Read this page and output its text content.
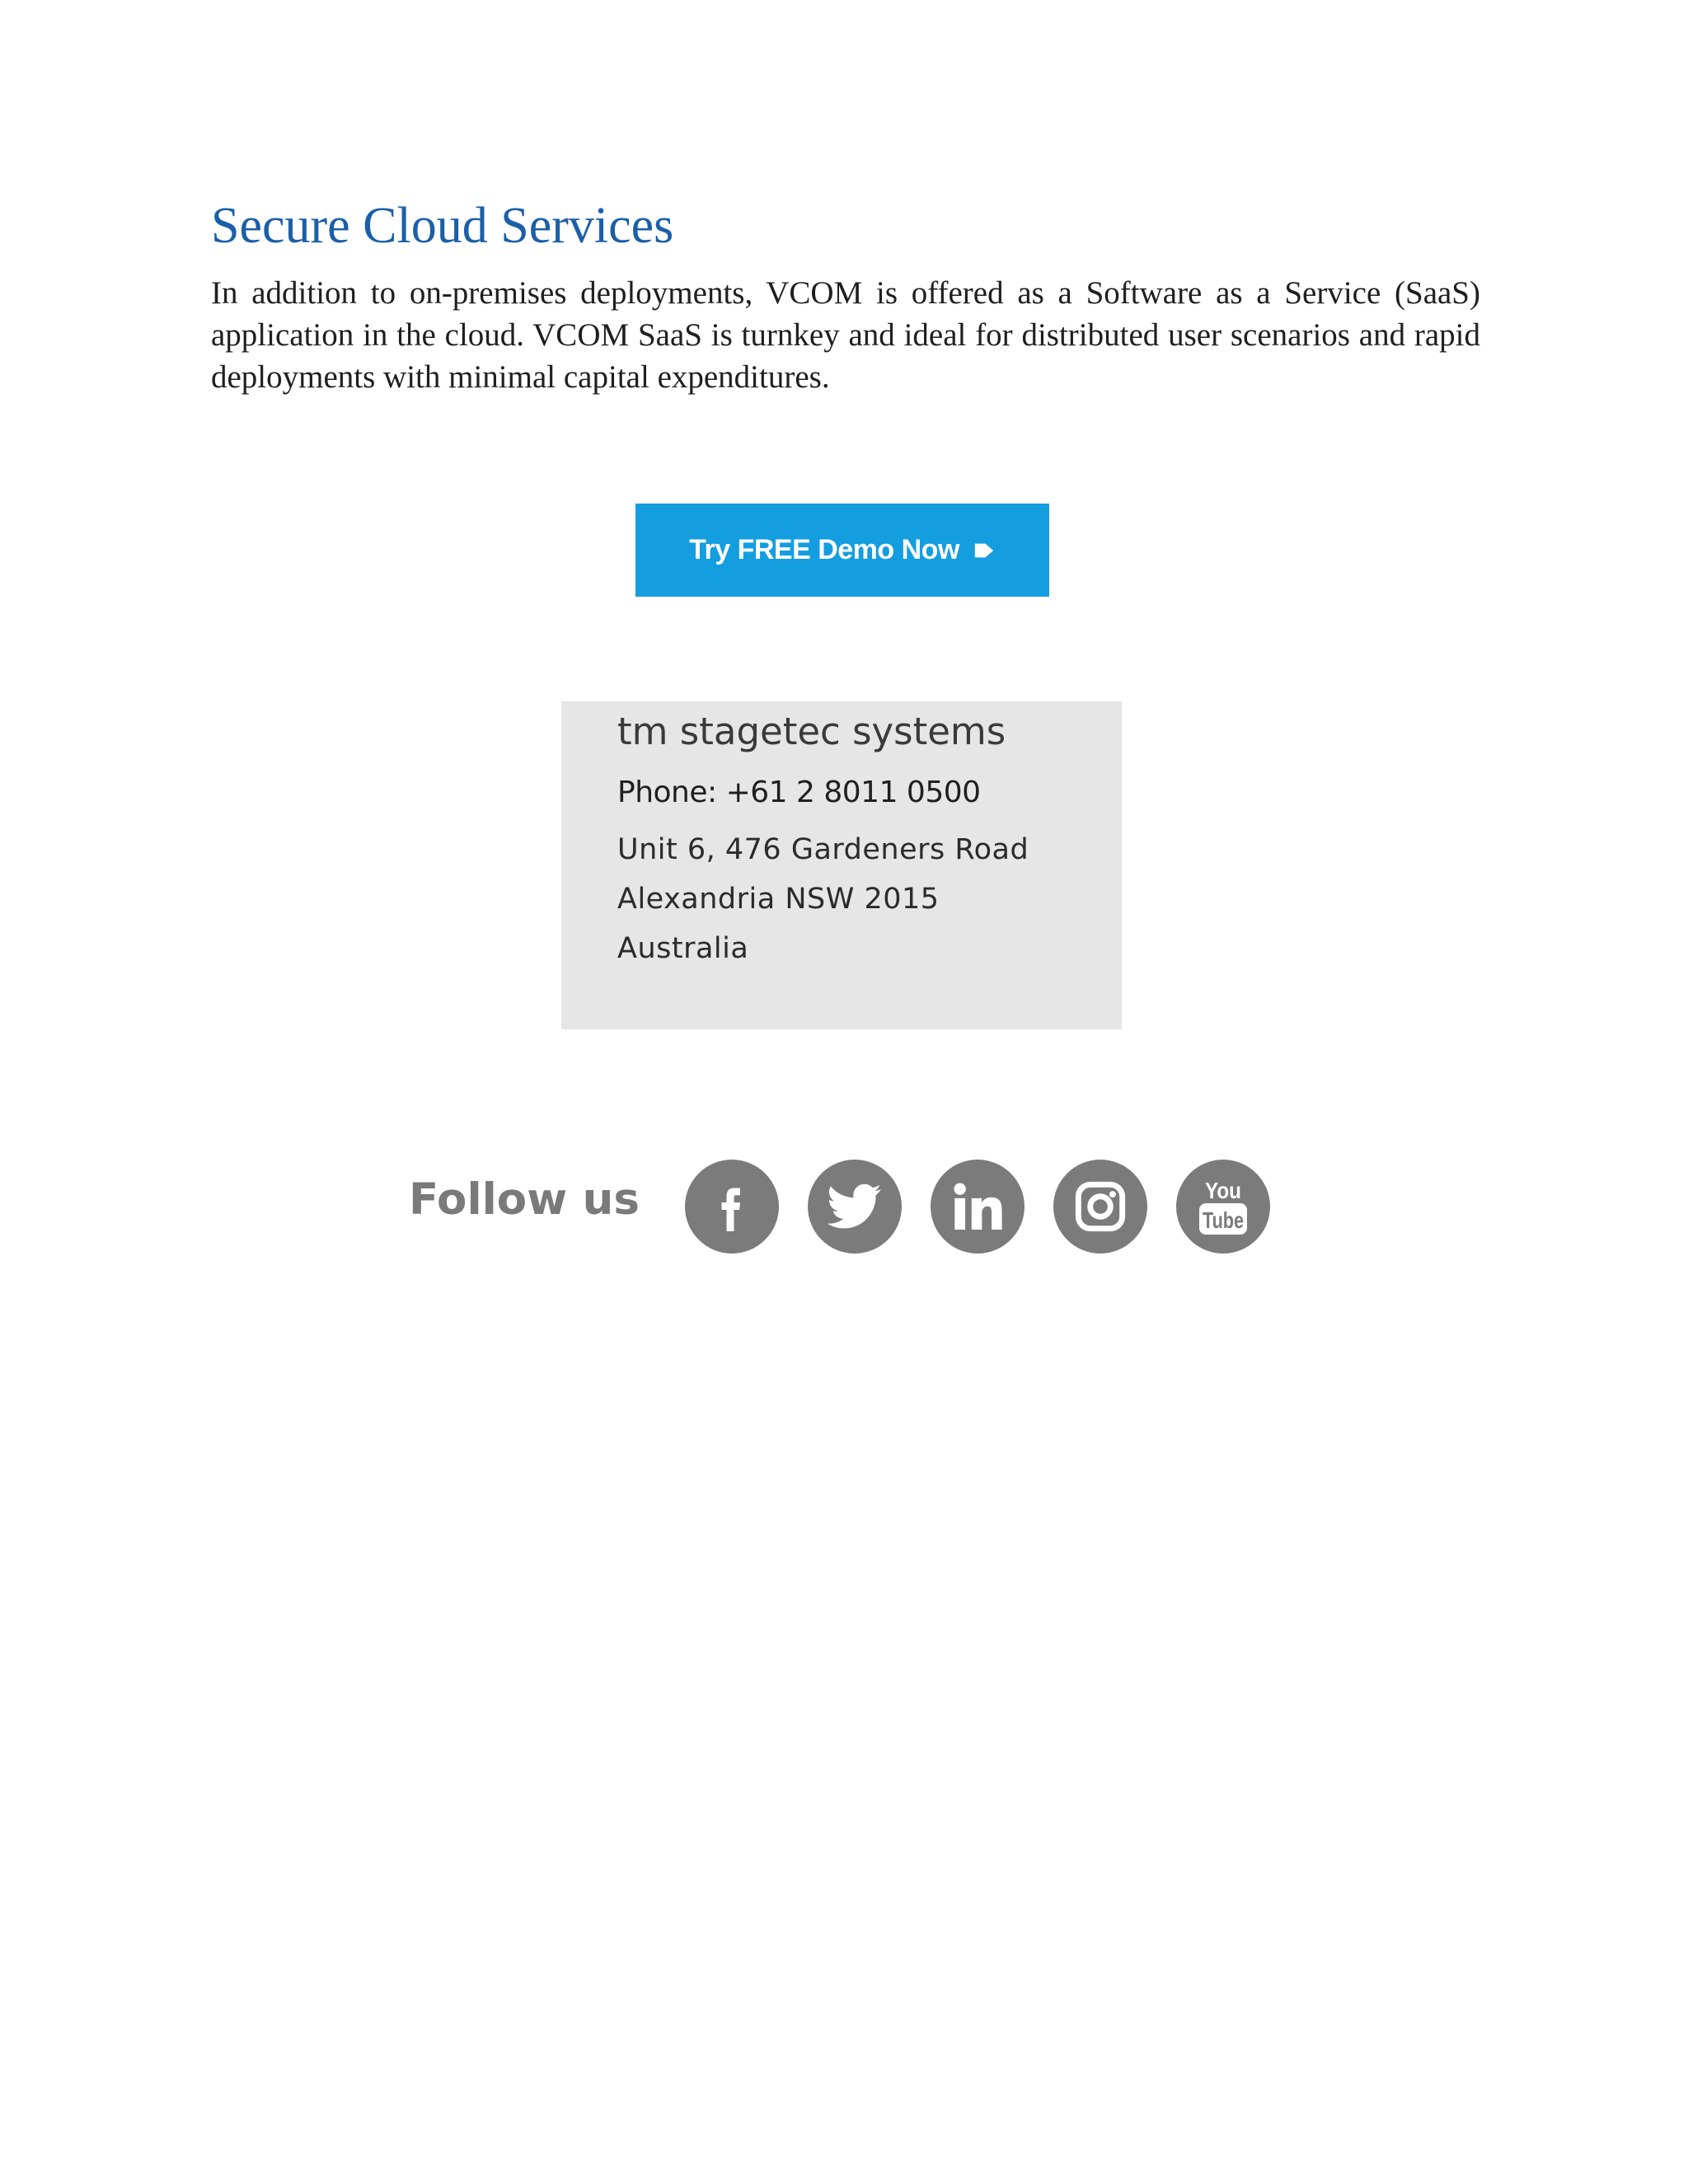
Secure Cloud Services

In addition to on-premises deployments, VCOM is offered as a Software as a Service (SaaS) application in the cloud. VCOM SaaS is turnkey and ideal for distributed user scenarios and rapid deployments with minimal capital expenditures.

Try FREE Demo Now
tm stagetec systems
Phone: +61 2 8011 0500
Unit 6, 476 Gardeners Road
Alexandria NSW 2015
Australia
Follow us	You
Tube
